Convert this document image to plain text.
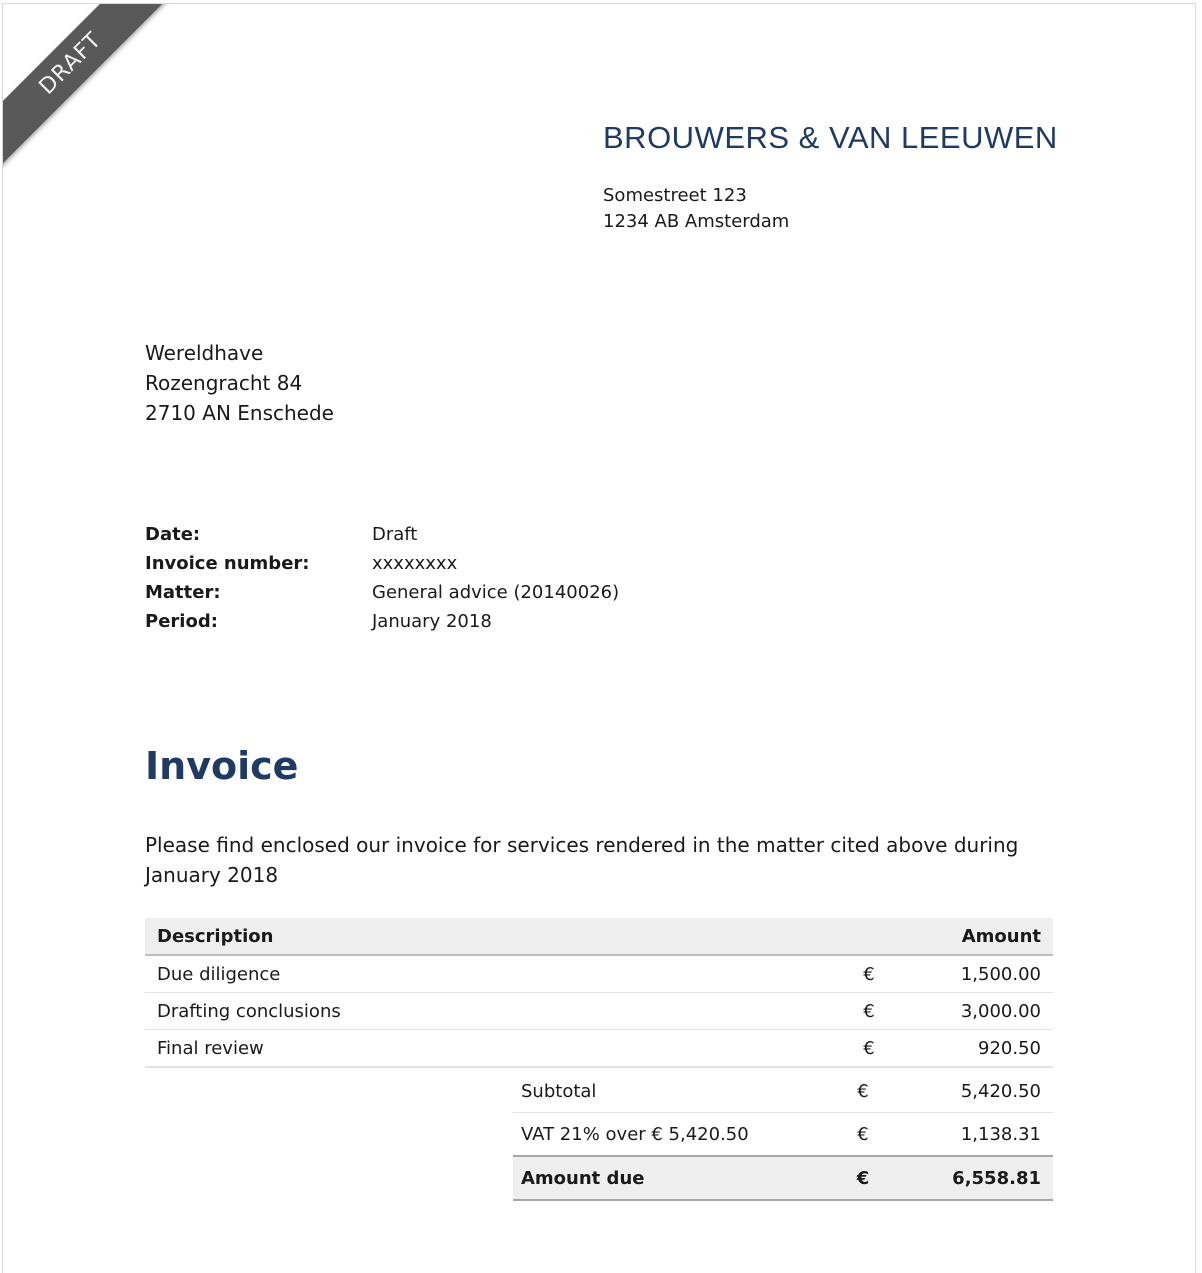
DRAFT
BROUWERS & VAN LEEUWEN
Somestreet 123
1234 AB Amsterdam
Wereldhave
Rozengracht 84
2710 AN Enschede
Date:	Draft
Invoice number:	xxxxxxxx
Matter:	General advice (20140026)
Period:	January 2018
Invoice
Please find enclosed our invoice for services rendered in the matter cited above during January 2018
Description		Amount
Due diligence	€	1,500.00
Drafting conclusions	€	3,000.00
Final review	€	920.50
Subtotal	€	5,420.50
VAT 21% over € 5,420.50	€	1,138.31
Amount due	€	6,558.81
